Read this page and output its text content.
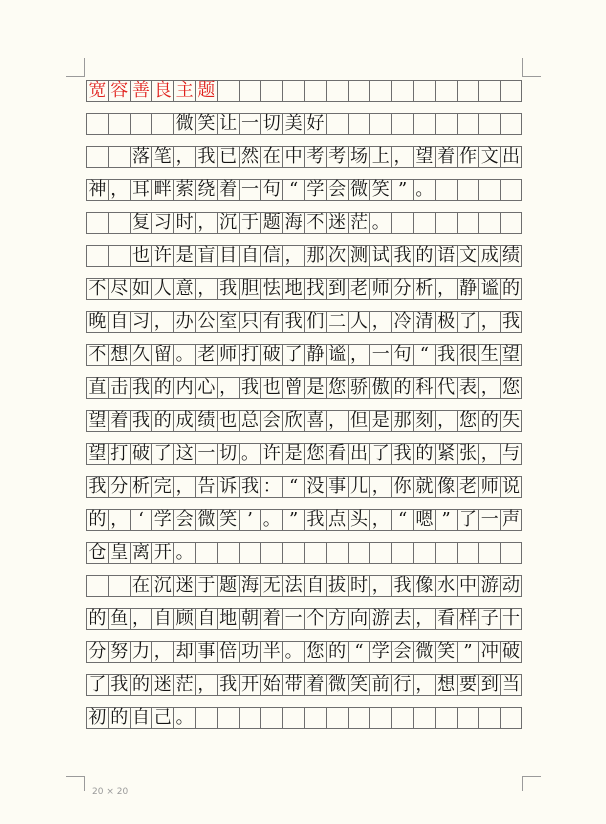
宽 容 善 良 主 题
微 笑 让 一 切 美 好
落 笔 ， 我 已 然 在 中 考 考 场 上 ， 望 着 作 文 出
神 ， 耳 畔 萦 绕 着 一 句 “ 学 会 微 笑 ” 。
复 习 时 ， 沉 于 题 海 不 迷 茫 。
也 许 是 盲 目 自 信 ， 那 次 测 试 我 的 语 文 成 绩
不 尽 如 人 意 ， 我 胆 怯 地 找 到 老 师 分 析 ， 静 谧 的
晚 自 习 ， 办 公 室 只 有 我 们 二 人 ， 冷 清 极 了 ， 我
不 想 久 留 。 老 师 打 破 了 静 谧 ， 一 句 “ 我 很 生 望
直 击 我 的 内 心 ， 我 也 曾 是 您 骄 傲 的 科 代 表 ， 您
望 着 我 的 成 绩 也 总 会 欣 喜 ， 但 是 那 刻 ， 您 的 失
望 打 破 了 这 一 切 。 许 是 您 看 出 了 我 的 紧 张 ， 与
我 分 析 完 ， 告 诉 我 ： “ 没 事 儿 ， 你 就 像 老 师 说
的 ， ‘ 学 会 微 笑 ’ 。 ” 我 点 头 ， “ 嗯 ” 了 一 声
仓 皇 离 开 。
在 沉 迷 于 题 海 无 法 自 拔 时 ， 我 像 水 中 游 动
的 鱼 ， 自 顾 自 地 朝 着 一 个 方 向 游 去 ， 看 样 子 十
分 努 力 ， 却 事 倍 功 半 。 您 的 “ 学 会 微 笑 ” 冲 破
了 我 的 迷 茫 ， 我 开 始 带 着 微 笑 前 行 ， 想 要 到 当
初 的 自 己 。
20 × 20
